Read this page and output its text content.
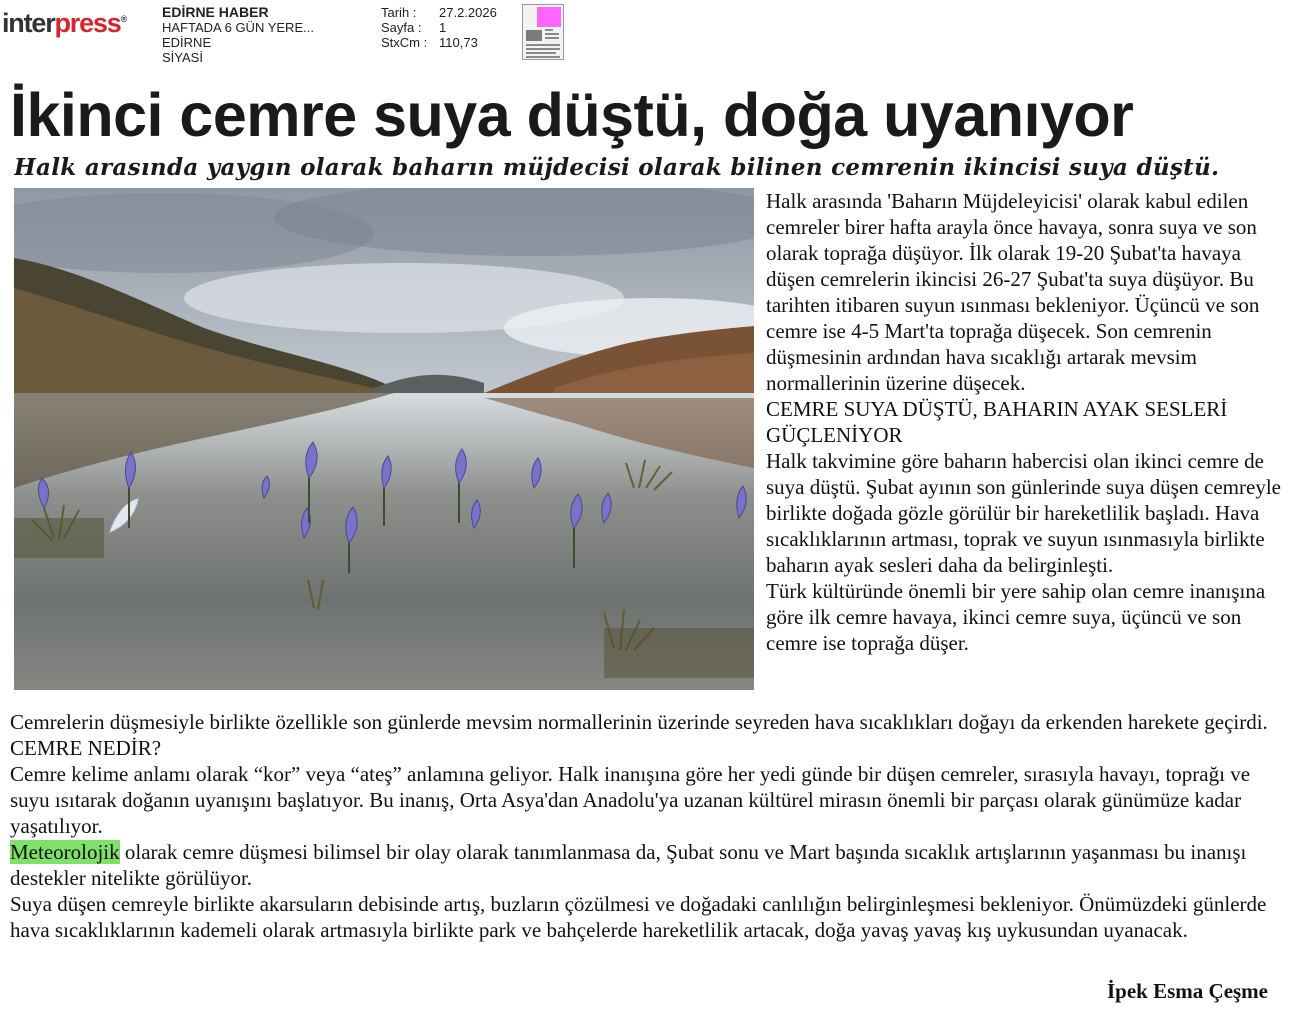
interpress® EDİRNE HABER
HAFTADA 6 GÜN YERE...
EDİRNE
SİYASİ
Tarih :	27.2.2026
Sayfa :	1
StxCm : 110,73
İkinci cemre suya düştü, doğa uyanıyor
Halk arasında yaygın olarak baharın müjdecisi olarak bilinen cemrenin ikincisi suya düştü.

Halk arasında 'Baharın Müjdeleyicisi' olarak kabul edilen cemreler birer hafta arayla önce havaya, sonra suya ve son olarak toprağa düşüyor. İlk olarak 19-20 Şubat'ta havaya düşen cemrelerin ikincisi 26-27 Şubat'ta suya düşüyor. Bu tarihten itibaren suyun ısınması bekleniyor. Üçüncü ve son cemre ise 4-5 Mart'ta toprağa düşecek. Son cemrenin düşmesinin ardından hava sıcaklığı artarak mevsim normallerinin üzerine düşecek.

CEMRE SUYA DÜŞTÜ, BAHARIN AYAK SESLERİ GÜÇLENİYOR

Halk takvimine göre baharın habercisi olan ikinci cemre de suya düştü. Şubat ayının son günlerinde suya düşen cemreyle birlikte doğada gözle görülür bir hareketlilik başladı. Hava sıcaklıklarının artması, toprak ve suyun ısınmasıyla birlikte baharın ayak sesleri daha da belirginleşti.

Türk kültüründe önemli bir yere sahip olan cemre inanışına göre ilk cemre havaya, ikinci cemre suya, üçüncü ve son cemre ise toprağa düşer.

Cemrelerin düşmesiyle birlikte özellikle son günlerde mevsim normallerinin üzerinde seyreden hava sıcaklıkları doğayı da erkenden harekete geçirdi.

CEMRE NEDİR?

Cemre kelime anlamı olarak “kor” veya “ateş” anlamına geliyor. Halk inanışına göre her yedi günde bir düşen cemreler, sırasıyla havayı, toprağı ve suyu ısıtarak doğanın uyanışını başlatıyor. Bu inanış, Orta Asya'dan Anadolu'ya uzanan kültürel mirasın önemli bir parçası olarak günümüze kadar yaşatılıyor.

Meteorolojik olarak cemre düşmesi bilimsel bir olay olarak tanımlanmasa da, Şubat sonu ve Mart başında sıcaklık artışlarının yaşanması bu inanışı destekler nitelikte görülüyor.

Suya düşen cemreyle birlikte akarsuların debisinde artış, buzların çözülmesi ve doğadaki canlılığın belirginleşmesi bekleniyor. Önümüzdeki günlerde hava sıcaklıklarının kademeli olarak artmasıyla birlikte park ve bahçelerde hareketlilik artacak, doğa yavaş yavaş kış uykusundan uyanacak.

İpek Esma Çeşme
